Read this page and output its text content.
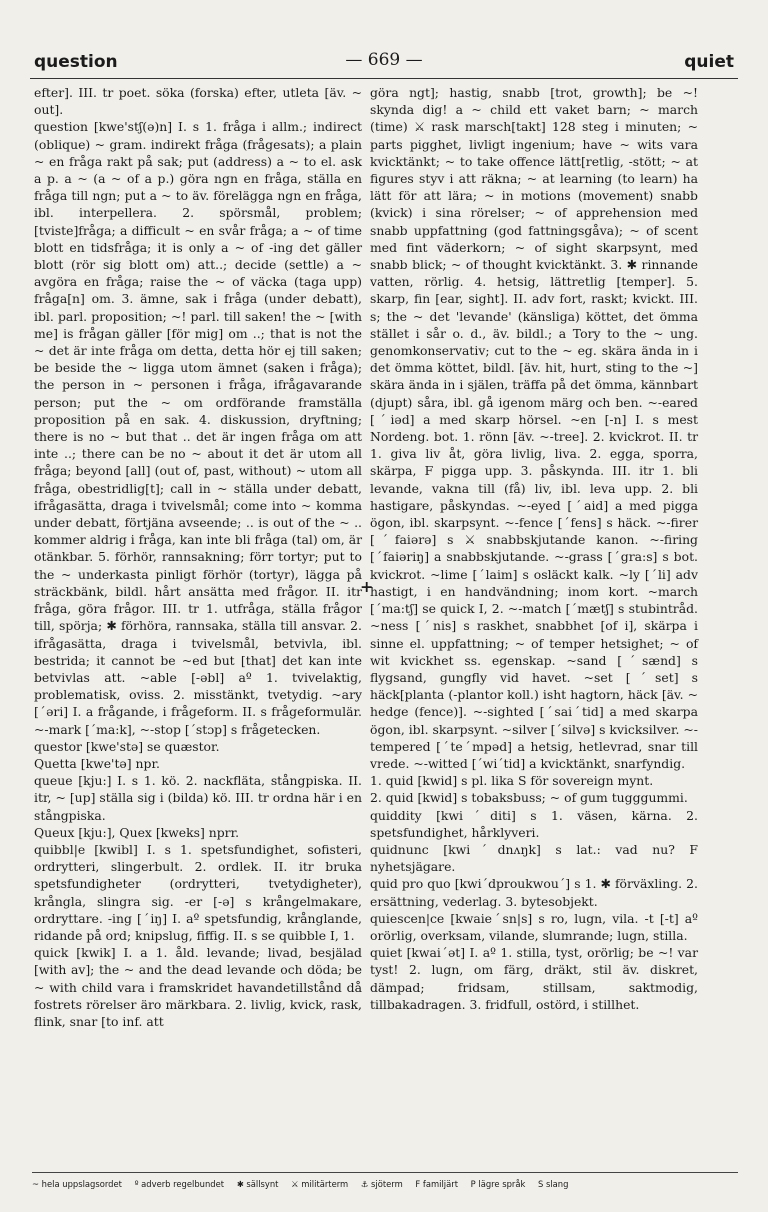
question	— 669 —	quiet

efter]. III. tr poet. söka (forska) efter, utleta [äv. ~ out].

question [kwe'stʃ(ə)n] I. s 1. fråga i allm.; indirect (oblique) ~ gram. indirekt fråga (frågesats); a plain ~ en fråga rakt på sak; put (address) a ~ to el. ask a p. a ~ (a ~ of a p.) göra ngn en fråga, ställa en fråga till ngn; put a ~ to äv. förelägga ngn en fråga, ibl. interpellera. 2. spörsmål, problem; [tviste]fråga; a difficult ~ en svår fråga; a ~ of time blott en tidsfråga; it is only a ~ of -ing det gäller blott (rör sig blott om) att..; decide (settle) a ~ avgöra en fråga; raise the ~ of väcka (taga upp) fråga[n] om. 3. ämne, sak i fråga (under debatt), ibl. parl. proposition; ~! parl. till saken! the ~ [with me] is frågan gäller [för mig] om ..; that is not the ~ det är inte fråga om detta, detta hör ej till saken; be beside the ~ ligga utom ämnet (saken i fråga); the person in ~ personen i fråga, ifrågavarande person; put the ~ om ordförande framställa proposition på en sak. 4. diskussion, dryftning; there is no ~ but that .. det är ingen fråga om att inte ..; there can be no ~ about it det är utom all fråga; beyond [all] (out of, past, without) ~ utom all fråga, obestridlig[t]; call in ~ ställa under debatt, ifrågasätta, draga i tvivelsmål; come into ~ komma under debatt, förtjäna avseende; .. is out of the ~ .. kommer aldrig i fråga, kan inte bli fråga (tal) om, är otänkbar. 5. förhör, rannsakning; förr tortyr; put to the ~ underkasta pinligt förhör (tortyr), lägga på sträckbänk, bildl. hårt ansätta med frågor. II. itr fråga, göra frågor. III. tr 1. utfråga, ställa frågor till, spörja; ✱ förhöra, rannsaka, ställa till ansvar. 2. ifrågasätta, draga i tvivelsmål, betvivla, ibl. bestrida; it cannot be ~ed but [that] det kan inte betvivlas att. ~able [-əbl] aº 1. tvivelaktig, problematisk, oviss. 2. misstänkt, tvetydig. ~ary [ˊəri] I. a frågande, i frågeform. II. s frågeformulär. ~-mark [ˊma:k], ~-stop [ˊstɔp] s frågetecken.

questor [kwe'stə] se quæstor.

Quetta [kwe'tə] npr.

queue [kju:] I. s 1. kö. 2. nackfläta, stångpiska. II. itr, ~ [up] ställa sig i (bilda) kö. III. tr ordna här i en stångpiska.

Queux [kju:], Quex [kweks] nprr.

quibbl|e [kwibl] I. s 1. spetsfundighet, sofisteri, ordrytteri, slingerbult. 2. ordlek. II. itr bruka spetsfundigheter (ordrytteri, tvetydigheter), krångla, slingra sig. -er [-ə] s krångelmakare, ordryttare. -ing [ˊiŋ] I. aº spetsfundig, krånglande, ridande på ord; knipslug, fiffig. II. s se quibble I, 1.

quick [kwik] I. a 1. åld. levande; livad, besjälad [with av]; the ~ and the dead levande och döda; be ~ with child vara i framskridet havandetillstånd då fostrets rörelser äro märkbara. 2. livlig, kvick, rask, flink, snar [to inf. att

+

göra ngt]; hastig, snabb [trot, growth]; be ~! skynda dig! a ~ child ett vaket barn; ~ march (time) ⚔ rask marsch[takt] 128 steg i minuten; ~ parts pigghet, livligt ingenium; have ~ wits vara kvicktänkt; ~ to take offence lätt[retlig, -stött; ~ at figures styv i att räkna; ~ at learning (to learn) ha lätt för att lära; ~ in motions (movement) snabb (kvick) i sina rörelser; ~ of apprehension med snabb uppfattning (god fattningsgåva); ~ of scent med fint väderkorn; ~ of sight skarpsynt, med snabb blick; ~ of thought kvicktänkt. 3. ✱ rinnande vatten, rörlig. 4. hetsig, lättretlig [temper]. 5. skarp, fin [ear, sight]. II. adv fort, raskt; kvickt. III. s; the ~ det 'levande' (känsliga) köttet, det ömma stället i sår o. d., äv. bildl.; a Tory to the ~ ung. genomkonservativ; cut to the ~ eg. skära ända in i det ömma köttet, bildl. [äv. hit, hurt, sting to the ~] skära ända in i själen, träffa på det ömma, kännbart (djupt) såra, ibl. gå igenom märg och ben. ~-eared [ˊiəd] a med skarp hörsel. ~en [-n] I. s mest Nordeng. bot. 1. rönn [äv. ~-tree]. 2. kvickrot. II. tr 1. giva liv åt, göra livlig, liva. 2. egga, sporra, skärpa, F pigga upp. 3. påskynda. III. itr 1. bli levande, vakna till (få) liv, ibl. leva upp. 2. bli hastigare, påskyndas. ~-eyed [ˊaid] a med pigga ögon, ibl. skarpsynt. ~-fence [ˊfens] s häck. ~-firer [ˊfaiərə] s ⚔ snabbskjutande kanon. ~-firing [ˊfaiəriŋ] a snabbskjutande. ~-grass [ˊgra:s] s bot. kvickrot. ~lime [ˊlaim] s osläckt kalk. ~ly [ˊli] adv hastigt, i en handvändning; inom kort. ~march [ˊma:tʃ] se quick I, 2. ~-match [ˊmætʃ] s stubintråd. ~ness [ˊnis] s raskhet, snabbhet [of i], skärpa i sinne el. uppfattning; ~ of temper hetsighet; ~ of wit kvickhet ss. egenskap. ~sand [ˊsænd] s flygsand, gungfly vid havet. ~set [ˊset] s häck[planta (-plantor koll.) isht hagtorn, häck [äv. ~ hedge (fence)]. ~-sighted [ˊsaiˊtid] a med skarpa ögon, ibl. skarpsynt. ~silver [ˊsilvə] s kvicksilver. ~-tempered [ˊteˊmpəd] a hetsig, hetlevrad, snar till vrede. ~-witted [ˊwiˊtid] a kvicktänkt, snarfyndig.

1. quid [kwid] s pl. lika S för sovereign mynt.

2. quid [kwid] s tobaksbuss; ~ of gum tugggummi.

quiddity [kwiˊditi] s 1. väsen, kärna. 2. spetsfundighet, hårklyveri.

quidnunc [kwiˊdnʌŋk] s lat.: vad nu? F nyhetsjägare.

quid pro quo [kwiˊdproukwouˊ] s 1. ✱ förväxling. 2. ersättning, vederlag. 3. bytesobjekt.

quiescen|ce [kwaieˊsn|s] s ro, lugn, vila. -t [-t] aº orörlig, overksam, vilande, slumrande; lugn, stilla.

quiet [kwaiˊət] I. aº 1. stilla, tyst, orörlig; be ~! var tyst! 2. lugn, om färg, dräkt, stil äv. diskret, dämpad; fridsam, stillsam, saktmodig, tillbakadragen. 3. fridfull, ostörd, i stillhet.

~ hela uppslagsordet º adverb regelbundet ✱ sällsynt ⚔ militärterm ⚓ sjöterm F familjärt P lägre språk S slang
